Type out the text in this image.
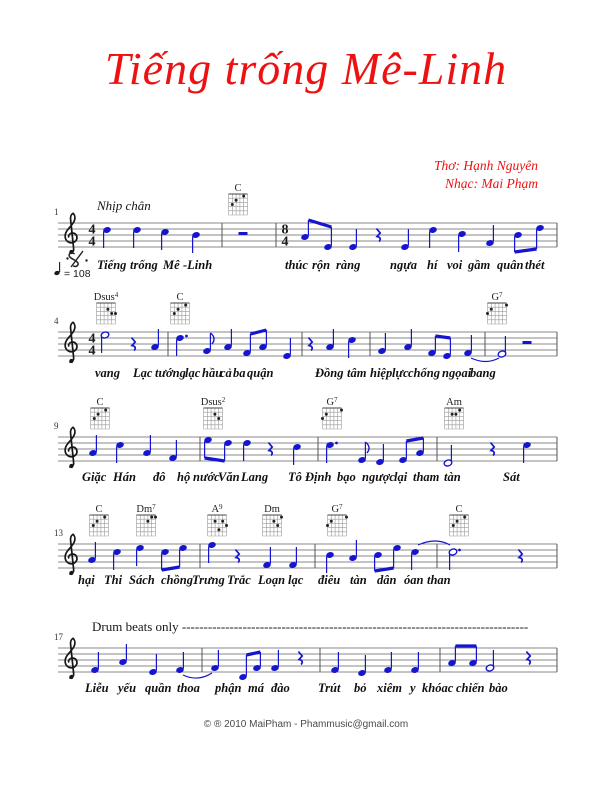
Tiếng trống Mê-Linh
Thơ: Hạnh Nguyên
Nhạc: Mai Phạm
1
= 108
4
4
8
4
Nhịp chân
C
Tiếng trống Mê -Linh	thúc rộn ràng ngựa hí voi gầm quân thét
4
4
4
Dsus$^4$	C	$G^7$
vang Lạc tướng lạc hầu
cả ba quận	Đồng tâm hiệp lực chống ngọai
bang
9
C	Dsus$^2$	$G^7$	Am
Giặc Hán đô hộ nước
Văn Lang Tô Định bạo ngược lại tham tàn	Sát
13
C	Dm$^7$	$A^9$	Dm	$G^7$	C
hại Thi Sách chồng Trưng Trắc Loạn lạc điêu tàn dân óan than
17
Drum beats only --------------------------------------------------------------------------------
Liễu yếu quần thoa phận má đào Trút bỏ xiêm y khóac chiến bào
© ® 2010 MaiPham - Phammusic@gmail.com
